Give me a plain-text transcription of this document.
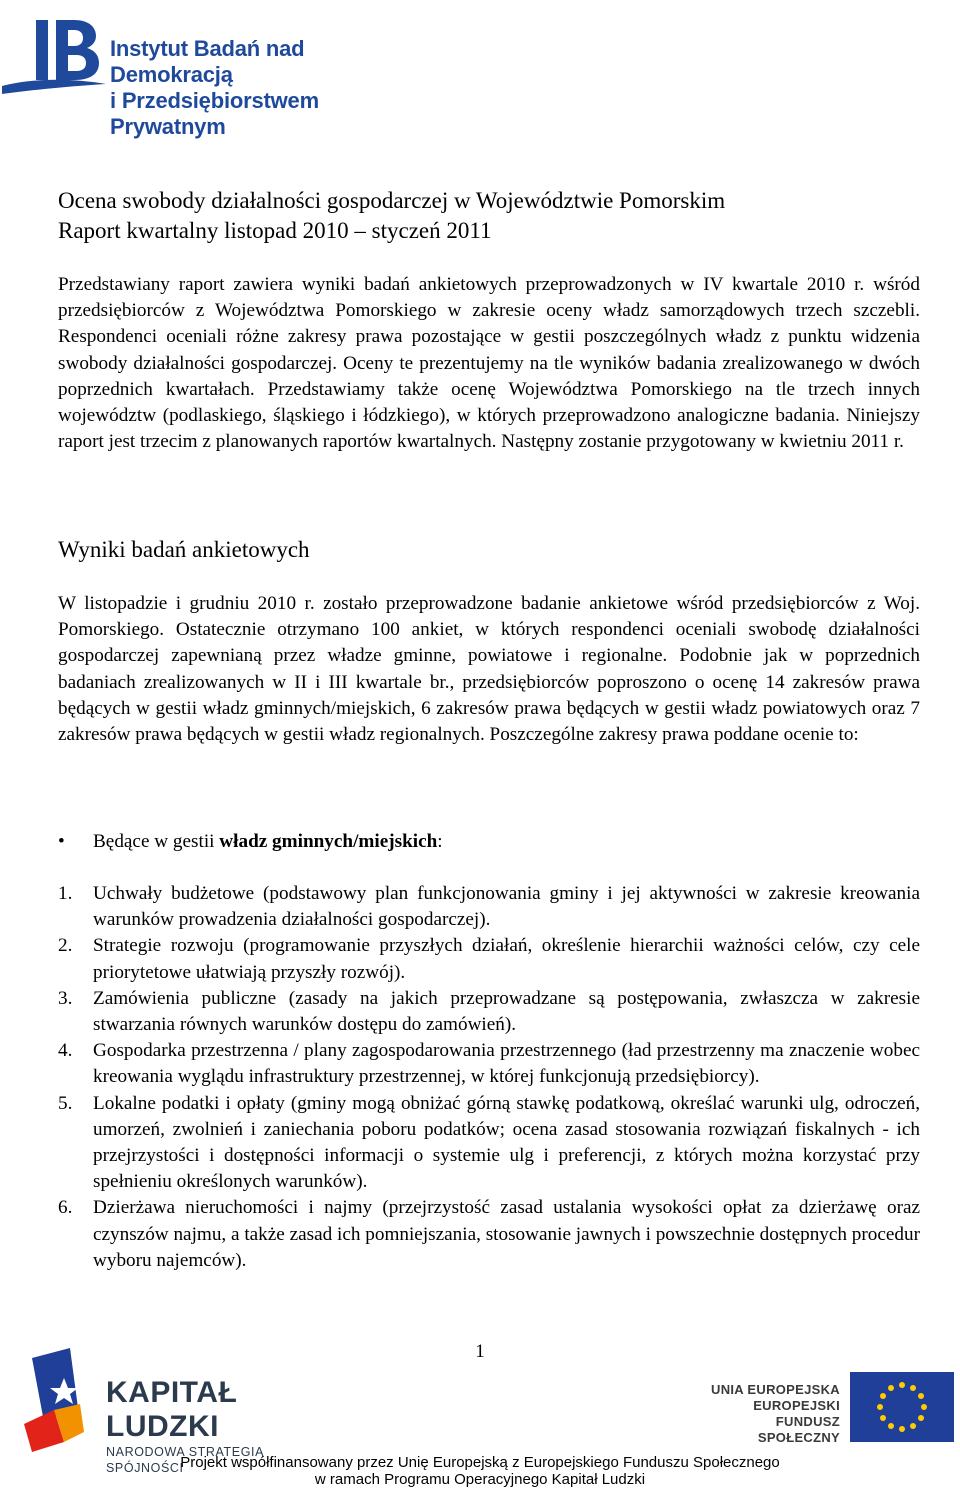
Instytut Badań nad Demokracją
i Przedsiębiorstwem Prywatnym
Ocena swobody działalności gospodarczej w Województwie Pomorskim
Raport kwartalny listopad 2010 – styczeń 2011

Przedstawiany raport zawiera wyniki badań ankietowych przeprowadzonych w IV kwartale 2010 r. wśród przedsiębiorców z Województwa Pomorskiego w zakresie oceny władz samorządowych trzech szczebli. Respondenci oceniali różne zakresy prawa pozostające w gestii poszczególnych władz z punktu widzenia swobody działalności gospodarczej. Oceny te prezentujemy na tle wyników badania zrealizowanego w dwóch poprzednich kwartałach. Przedstawiamy także ocenę Województwa Pomorskiego na tle trzech innych województw (podlaskiego, śląskiego i łódzkiego), w których przeprowadzono analogiczne badania. Niniejszy raport jest trzecim z planowanych raportów kwartalnych. Następny zostanie przygotowany w kwietniu 2011 r.

Wyniki badań ankietowych

W listopadzie i grudniu 2010 r. zostało przeprowadzone badanie ankietowe wśród przedsiębiorców z Woj. Pomorskiego. Ostatecznie otrzymano 100 ankiet, w których respondenci oceniali swobodę działalności gospodarczej zapewnianą przez władze gminne, powiatowe i regionalne. Podobnie jak w poprzednich badaniach zrealizowanych w II i III kwartale br., przedsiębiorców poproszono o ocenę 14 zakresów prawa będących w gestii władz gminnych/miejskich, 6 zakresów prawa będących w gestii władz powiatowych oraz 7 zakresów prawa będących w gestii władz regionalnych. Poszczególne zakresy prawa poddane ocenie to:

• Będące w gestii władz gminnych/miejskich:
1. Uchwały budżetowe (podstawowy plan funkcjonowania gminy i jej aktywności w zakresie kreowania warunków prowadzenia działalności gospodarczej).
2. Strategie rozwoju (programowanie przyszłych działań, określenie hierarchii ważności celów, czy cele priorytetowe ułatwiają przyszły rozwój).
3. Zamówienia publiczne (zasady na jakich przeprowadzane są postępowania, zwłaszcza w zakresie stwarzania równych warunków dostępu do zamówień).
4. Gospodarka przestrzenna / plany zagospodarowania przestrzennego (ład przestrzenny ma znaczenie wobec kreowania wyglądu infrastruktury przestrzennej, w której funkcjonują przedsiębiorcy).
5. Lokalne podatki i opłaty (gminy mogą obniżać górną stawkę podatkową, określać warunki ulg, odroczeń, umorzeń, zwolnień i zaniechania poboru podatków; ocena zasad stosowania rozwiązań fiskalnych - ich przejrzystości i dostępności informacji o systemie ulg i preferencji, z których można korzystać przy spełnieniu określonych warunków).
6. Dzierżawa nieruchomości i najmy (przejrzystość zasad ustalania wysokości opłat za dzierżawę oraz czynszów najmu, a także zasad ich pomniejszania, stosowanie jawnych i powszechnie dostępnych procedur wyboru najemców).
1
KAPITAŁ LUDZKI
NARODOWA STRATEGIA SPÓJNOŚCI
UNIA EUROPEJSKA
EUROPEJSKI
FUNDUSZ SPOŁECZNY
Projekt współfinansowany przez Unię Europejską z Europejskiego Funduszu Społecznego
w ramach Programu Operacyjnego Kapitał Ludzki
